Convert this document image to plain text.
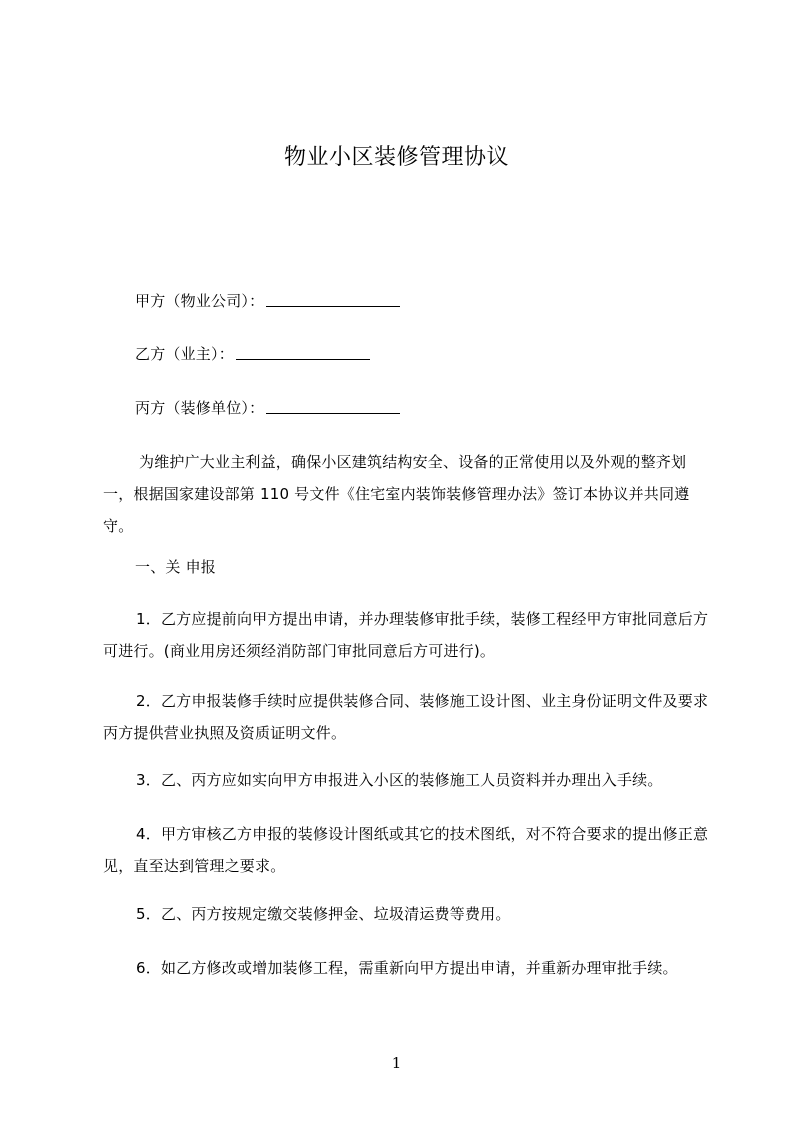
物业小区装修管理协议
甲方（物业公司）：
乙方（业主）：
丙方（装修单位）：
为维护广大业主利益，确保小区建筑结构安全、设备的正常使用以及外观的整齐划一，根据国家建设部第 110 号文件《住宅室内装饰装修管理办法》签订本协议并共同遵守。
一、关 申报
1．乙方应提前向甲方提出申请，并办理装修审批手续，装修工程经甲方审批同意后方可进行。(商业用房还须经消防部门审批同意后方可进行)。
2．乙方申报装修手续时应提供装修合同、装修施工设计图、业主身份证明文件及要求丙方提供营业执照及资质证明文件。
3．乙、丙方应如实向甲方申报进入小区的装修施工人员资料并办理出入手续。
4．甲方审核乙方申报的装修设计图纸或其它的技术图纸，对不符合要求的提出修正意见，直至达到管理之要求。
5．乙、丙方按规定缴交装修押金、垃圾清运费等费用。
6．如乙方修改或增加装修工程，需重新向甲方提出申请，并重新办理审批手续。
1
